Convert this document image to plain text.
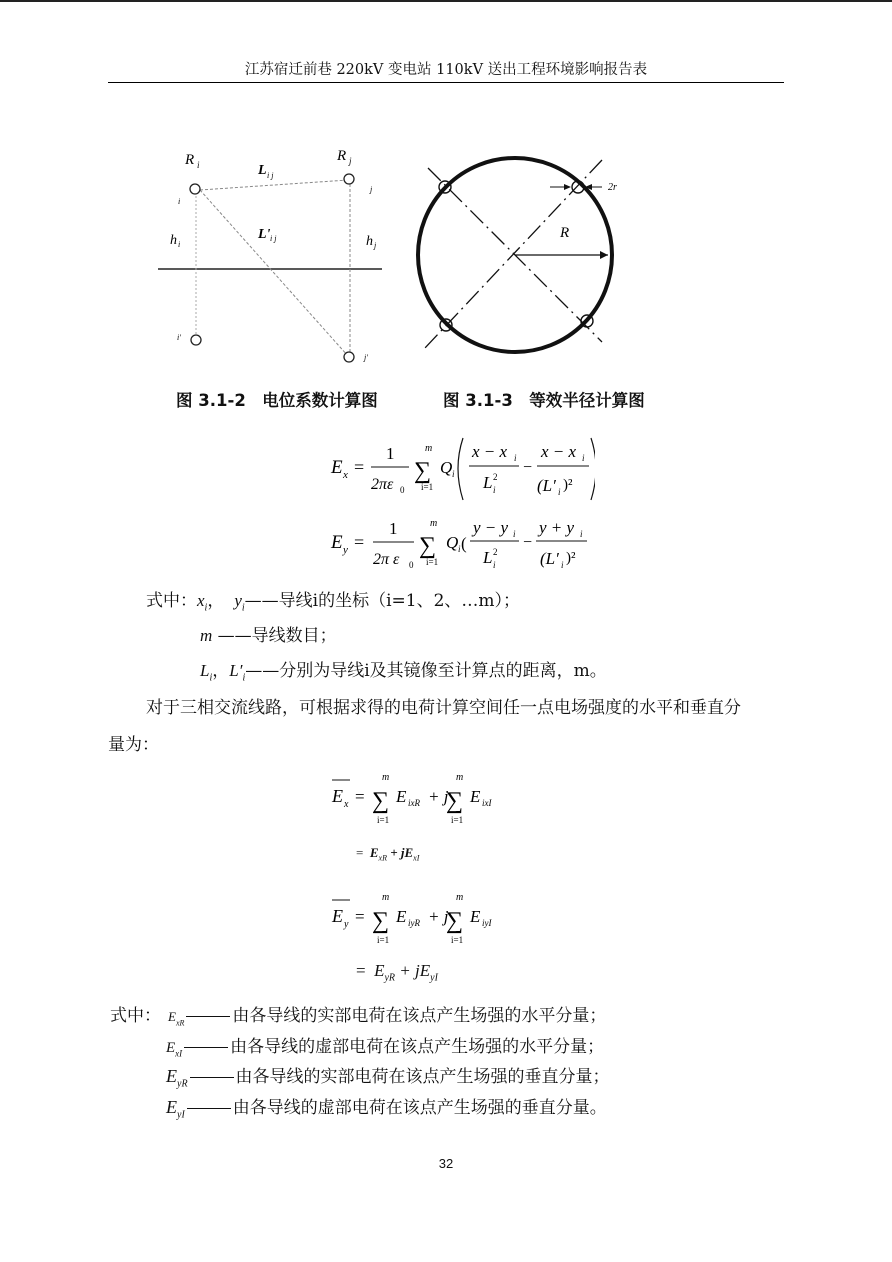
江苏宿迁前巷 220kV 变电站 110kV 送出工程环境影响报告表
R i
R j
L i j
L' i j
h i	h j
i
j
i'
j'
2r
R
图 3.1-2　电位系数计算图	图 3.1-3　等效半径计算图
E x =
1
2πε 0
m
∑
i=1
Q i
x − x i
L 2
i
−
x − x i
(L′ i )²
E y =
1
2π ε 0
m
∑
i=1
Q i (
y − y i
L 2
i
−
y + y i
(L′ i )²
式中：$x_i$， $y_i——$导线i的坐标（i=1、2、…m）；
m ——导线数目；
$L_i$，$L'_i——$分别为导线i及其镜像至计算点的距离，m。
对于三相交流线路，可根据求得的电荷计算空间任一点电场强度的水平和垂直分
量为：
E x =
m
∑
i=1
E ixR + j
m
∑
i=1
E ixI
= $E_{xR} + jE_{xI}$
E y =
m
∑
i=1
E iyR + j
m
∑
i=1
E iyI
= $E_{yR} + jE_{yI}$
式中： $E_{xR}$	由各导线的实部电荷在该点产生场强的水平分量；
$E_{xI}$	由各导线的虚部电荷在该点产生场强的水平分量；
$E_{yR}$	由各导线的实部电荷在该点产生场强的垂直分量；
$E_{yI}$	由各导线的虚部电荷在该点产生场强的垂直分量。
32
